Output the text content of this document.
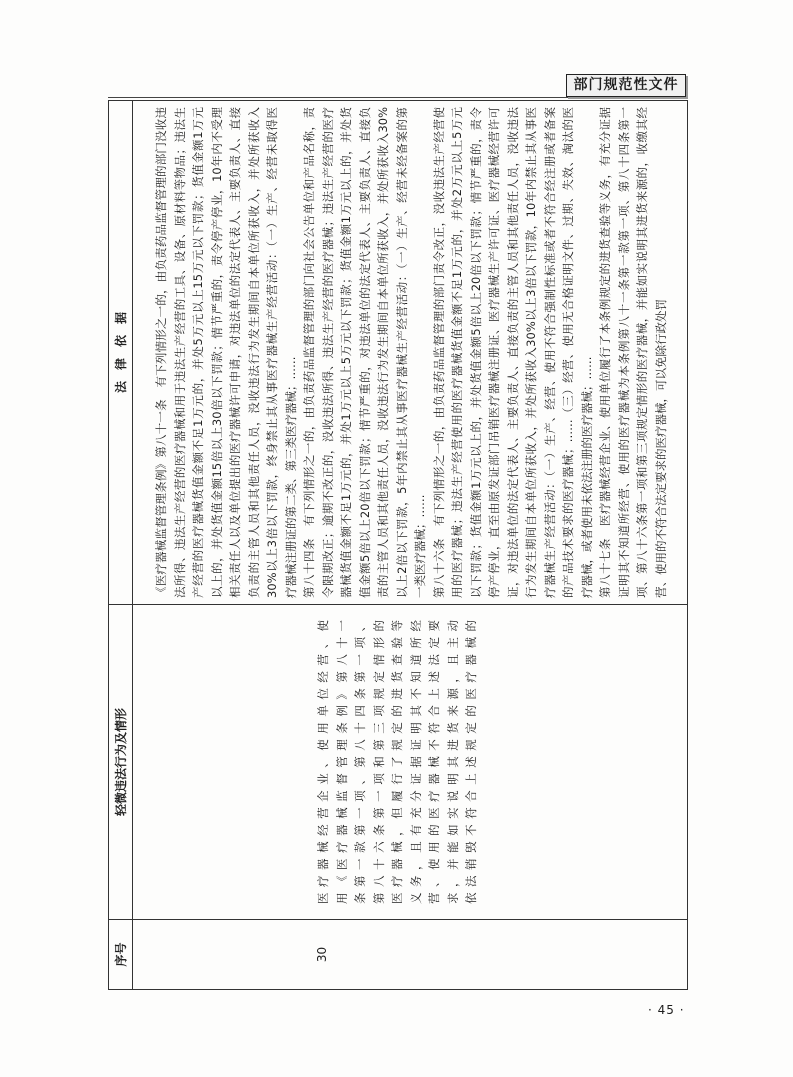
部门规范性文件
序号
轻微违法行为及情形
法律依据
30
医疗器械经营企业、使用单位经营、使 用《医疗器械监督管理条例》第八十一 条第一款第一项、第八十四条第一项、 第八十六条第一项和第三项规定情形的 医疗器械，但履行了规定的进货查验等 义务，且有充分证据证明其不知道所经 营、使用的医疗器械不符合上述法定要 求，并能如实说明其进货来源，且主动 依法销毁不符合上述规定的医疗器械的
《医疗器械监督管理条例》第八十一条　有下列情形之一的，由负责药品监督管理的部门没收违 法所得、违法生产经营的医疗器械和用于违法生产经营的工具、设备、原材料等物品；违法生 产经营的医疗器械货值金额不足1万元的，并处5万元以上15万元以下罚款；货值金额1万元 以上的，并处货值金额15倍以上30倍以下罚款；情节严重的，责令停产停业，10年内不受理 相关责任人以及单位提出的医疗器械许可申请，对违法单位的法定代表人、主要负责人、直接 负责的主管人员和其他责任人员，没收违法行为发生期间自本单位所获收入，并处所获收入 30%以上3倍以下罚款，终身禁止其从事医疗器械生产经营活动：（一）生产、经营未取得医 疗器械注册证的第二类、第三类医疗器械；…… 第八十四条　有下列情形之一的，由负责药品监督管理的部门向社会公告单位和产品名称，责 令限期改正；逾期不改正的，没收违法所得、违法生产经营的医疗器械；违法生产经营的医疗 器械货值金额不足1万元的，并处1万元以上5万元以下罚款；货值金额1万元以上的，并处货 值金额5倍以上20倍以下罚款；情节严重的，对违法单位的法定代表人、主要负责人、直接负 责的主管人员和其他责任人员，没收违法行为发生期间自本单位所获收入，并处所获收入30% 以上2倍以下罚款，5年内禁止其从事医疗器械生产经营活动：（一）生产、经营未经备案的第 一类医疗器械；…… 第八十六条　有下列情形之一的，由负责药品监督管理的部门责令改正，没收违法生产经营使 用的医疗器械；违法生产经营使用的医疗器械货值金额不足1万元的，并处2万元以上5万元 以下罚款；货值金额1万元以上的，并处货值金额5倍以上20倍以下罚款；情节严重的，责令 停产停业，直至由原发证部门吊销医疗器械注册证、医疗器械生产许可证、医疗器械经营许可 证，对违法单位的法定代表人、主要负责人、直接负责的主管人员和其他责任人员，没收违法 行为发生期间自本单位所获收入，并处所获收入30%以上3倍以下罚款，10年内禁止其从事医 疗器械生产经营活动：（一）生产、经营、使用不符合强制性标准或者不符合经注册或者备案 的产品技术要求的医疗器械；……（三）经营、使用无合格证明文件、过期、失效、淘汰的医 疗器械，或者使用未依法注册的医疗器械；…… 第八十七条　医疗器械经营企业、使用单位履行了本条例规定的进货查验等义务，有充分证据 证明其不知道所经营、使用的医疗器械为本条例第八十一条第一款第一项、第八十四条第一 项、第八十六条第一项和第三项规定情形的医疗器械，并能如实说明其进货来源的，收缴其经 营、使用的不符合法定要求的医疗器械，可以免除行政处罚
· 45 ·
